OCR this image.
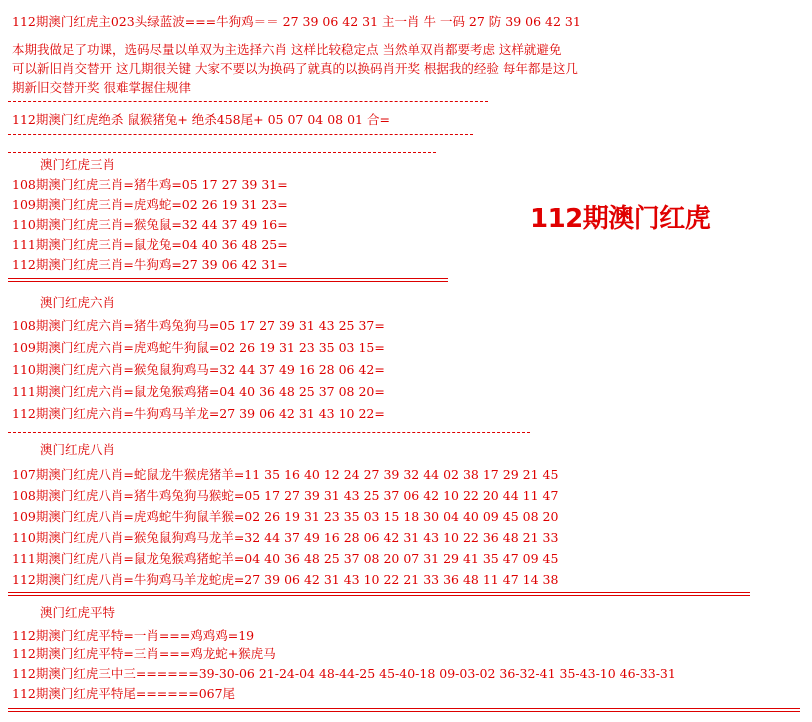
112期澳门红虎主023头绿蓝波===牛狗鸡＝＝ 27 39 06 42 31 主一肖 牛 一码 27 防 39 06 42 31
本期我做足了功课，选码尽量以单双为主选择六肖 这样比较稳定点 当然单双肖都要考虑 这样就避免
可以新旧肖交替开 这几期很关键 大家不要以为换码了就真的以换码肖开奖 根据我的经验 每年都是这几
期新旧交替开奖 很难掌握住规律
112期澳门红虎绝杀 鼠猴猪兔+ 绝杀458尾+ 05 07 04 08 01 合=
澳门红虎三肖
108期澳门红虎三肖=猪牛鸡=05 17 27 39 31=
109期澳门红虎三肖=虎鸡蛇=02 26 19 31 23=
110期澳门红虎三肖=猴兔鼠=32 44 37 49 16=
111期澳门红虎三肖=鼠龙兔=04 40 36 48 25=
112期澳门红虎三肖=牛狗鸡=27 39 06 42 31=
112期澳门红虎
澳门红虎六肖
108期澳门红虎六肖=猪牛鸡兔狗马=05 17 27 39 31 43 25 37=
109期澳门红虎六肖=虎鸡蛇牛狗鼠=02 26 19 31 23 35 03 15=
110期澳门红虎六肖=猴兔鼠狗鸡马=32 44 37 49 16 28 06 42=
111期澳门红虎六肖=鼠龙兔猴鸡猪=04 40 36 48 25 37 08 20=
112期澳门红虎六肖=牛狗鸡马羊龙=27 39 06 42 31 43 10 22=
澳门红虎八肖
107期澳门红虎八肖=蛇鼠龙牛猴虎猪羊=11 35 16 40 12 24 27 39 32 44 02 38 17 29 21 45
108期澳门红虎八肖=猪牛鸡兔狗马猴蛇=05 17 27 39 31 43 25 37 06 42 10 22 20 44 11 47
109期澳门红虎八肖=虎鸡蛇牛狗鼠羊猴=02 26 19 31 23 35 03 15 18 30 04 40 09 45 08 20
110期澳门红虎八肖=猴兔鼠狗鸡马龙羊=32 44 37 49 16 28 06 42 31 43 10 22 36 48 21 33
111期澳门红虎八肖=鼠龙兔猴鸡猪蛇羊=04 40 36 48 25 37 08 20 07 31 29 41 35 47 09 45
112期澳门红虎八肖=牛狗鸡马羊龙蛇虎=27 39 06 42 31 43 10 22 21 33 36 48 11 47 14 38
澳门红虎平特
112期澳门红虎平特=一肖===鸡鸡鸡=19
112期澳门红虎平特=三肖===鸡龙蛇+猴虎马
112期澳门红虎三中三======39-30-06 21-24-04 48-44-25 45-40-18 09-03-02 36-32-41 35-43-10 46-33-31
112期澳门红虎平特尾======067尾
